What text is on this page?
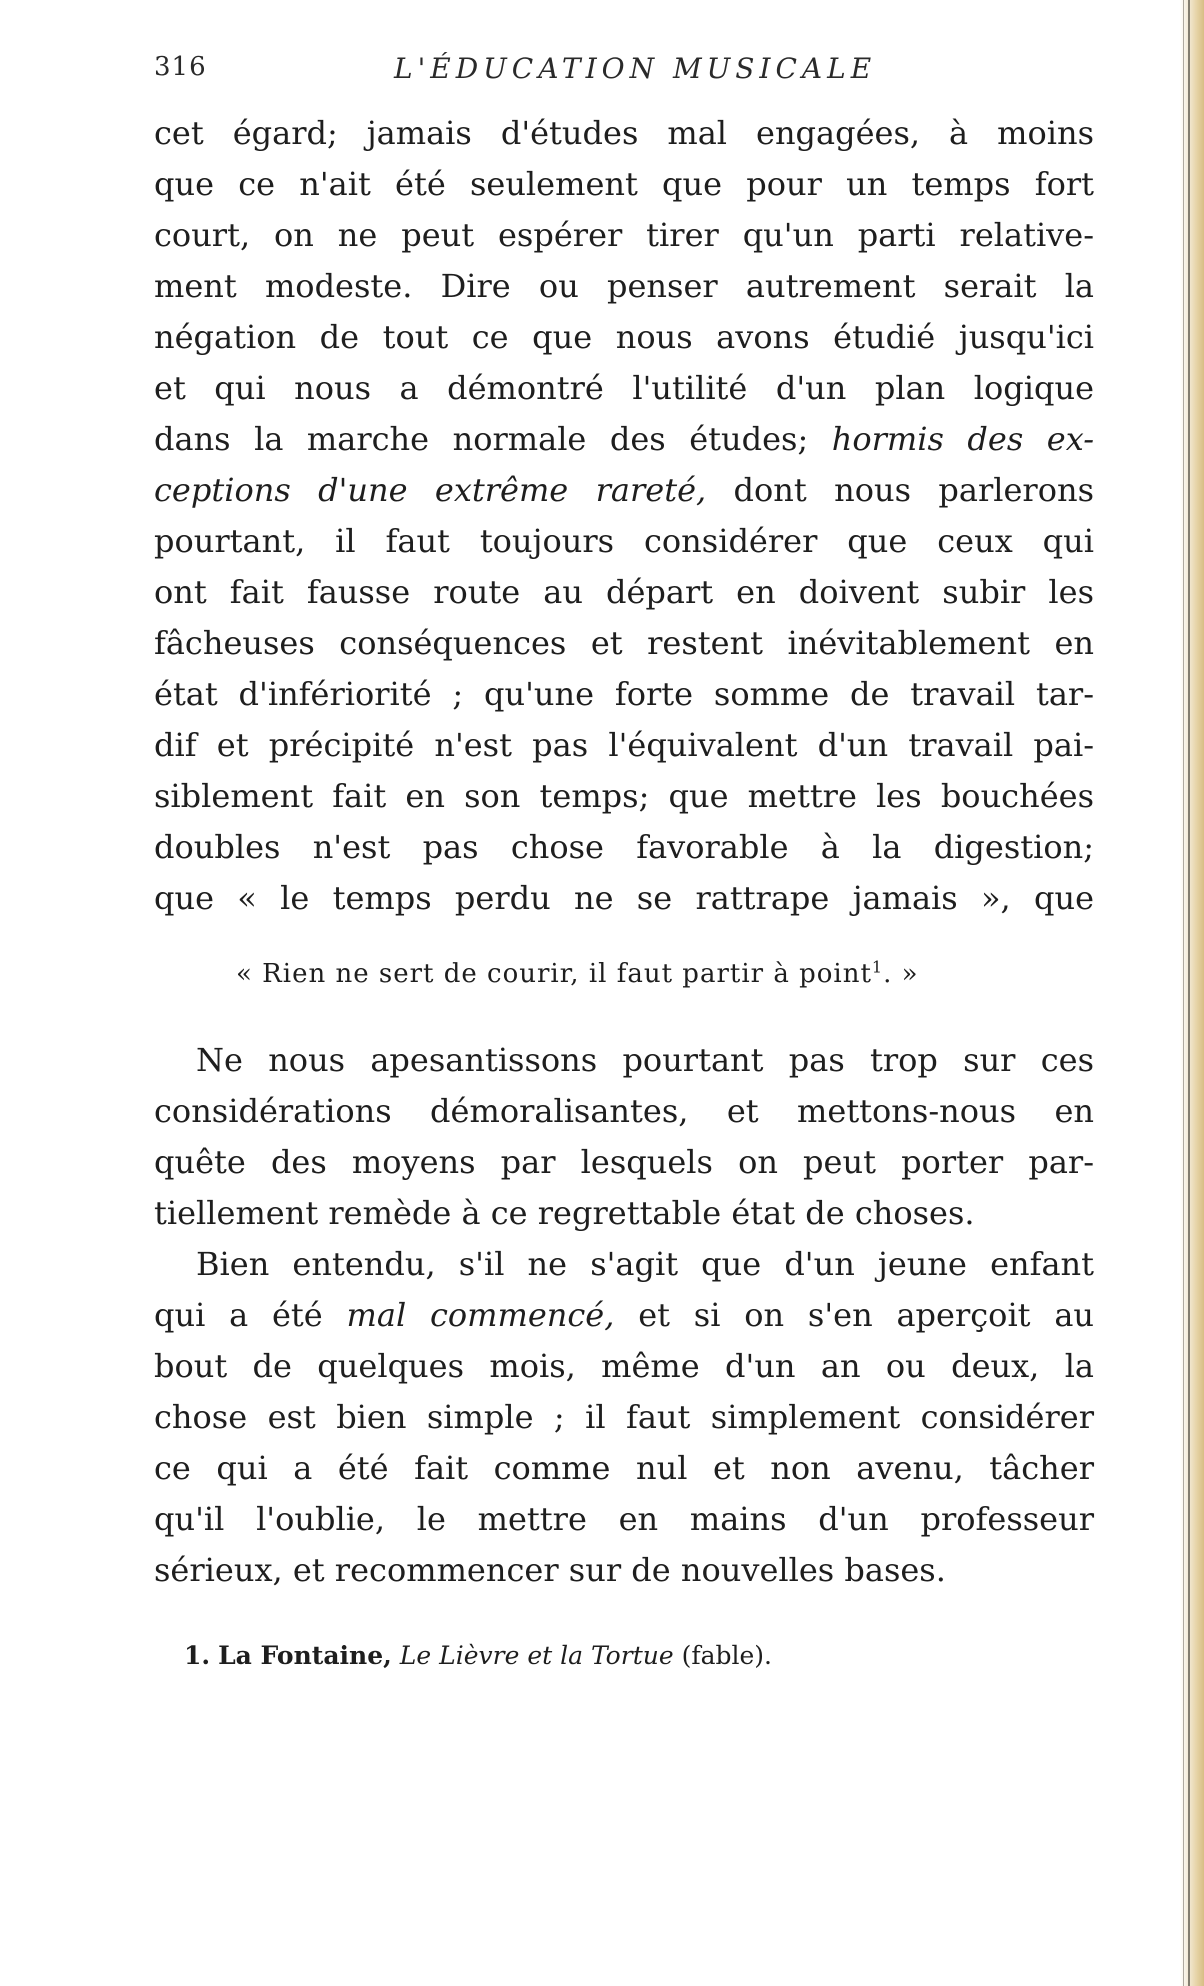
316	L'ÉDUCATION MUSICALE
cet égard; jamais d'études mal engagées, à moins
que ce n'ait été seulement que pour un temps fort
court, on ne peut espérer tirer qu'un parti relative-
ment modeste. Dire ou penser autrement serait la
négation de tout ce que nous avons étudié jusqu'ici
et qui nous a démontré l'utilité d'un plan logique
dans la marche normale des études; hormis des ex-
ceptions d'une extrême rareté, dont nous parlerons
pourtant, il faut toujours considérer que ceux qui
ont fait fausse route au départ en doivent subir les
fâcheuses conséquences et restent inévitablement en
état d'infériorité ; qu'une forte somme de travail tar-
dif et précipité n'est pas l'équivalent d'un travail pai-
siblement fait en son temps; que mettre les bouchées
doubles n'est pas chose favorable à la digestion;
que « le temps perdu ne se rattrape jamais », que
« Rien ne sert de courir, il faut partir à point$^1$. »
Ne nous apesantissons pourtant pas trop sur ces
considérations démoralisantes, et mettons-nous en
quête des moyens par lesquels on peut porter par-
tiellement remède à ce regrettable état de choses.
Bien entendu, s'il ne s'agit que d'un jeune enfant
qui a été mal commencé, et si on s'en aperçoit au
bout de quelques mois, même d'un an ou deux, la
chose est bien simple ; il faut simplement considérer
ce qui a été fait comme nul et non avenu, tâcher
qu'il l'oublie, le mettre en mains d'un professeur
sérieux, et recommencer sur de nouvelles bases.
1. La Fontaine, Le Lièvre et la Tortue (fable).
